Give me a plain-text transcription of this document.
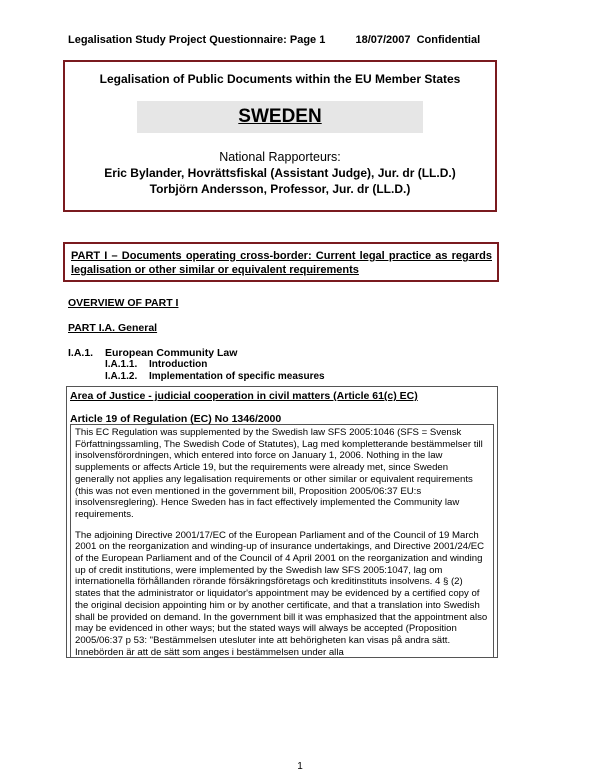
Legalisation Study Project Questionnaire: Page 1	18/07/2007 Confidential
Legalisation of Public Documents within the EU Member States
SWEDEN
National Rapporteurs:
Eric Bylander, Hovrättsfiskal (Assistant Judge), Jur. dr (LL.D.)
Torbjörn Andersson, Professor, Jur. dr (LL.D.)
PART I – Documents operating cross-border: Current legal practice as regards legalisation or other similar or equivalent requirements
OVERVIEW OF PART I
PART I.A. General
I.A.1. European Community Law
I.A.1.1. Introduction
I.A.1.2. Implementation of specific measures
Area of Justice - judicial cooperation in civil matters (Article 61(c) EC)
Article 19 of Regulation (EC) No 1346/2000

This EC Regulation was supplemented by the Swedish law SFS 2005:1046 (SFS = Svensk Författningssamling, The Swedish Code of Statutes), Lag med kompletterande bestämmelser till insolvensförordningen, which entered into force on January 1, 2006. Nothing in the law supplements or affects Article 19, but the requirements were already met, since Sweden generally not applies any legalisation requirements or other similar or equivalent requirements (this was not even mentioned in the government bill, Proposition 2005/06:37 EU:s insolvensreglering). Hence Sweden has in fact effectively implemented the Community law requirements.

The adjoining Directive 2001/17/EC of the European Parliament and of the Council of 19 March 2001 on the reorganization and winding-up of insurance undertakings, and Directive 2001/24/EC of the European Parliament and of the Council of 4 April 2001 on the reorganization and winding up of credit institutions, were implemented by the Swedish law SFS 2005:1047, lag om internationella förhållanden rörande försäkringsföretags och kreditinstituts insolvens. 4 § (2) states that the administrator or liquidator's appointment may be evidenced by a certified copy of the original decision appointing him or by another certificate, and that a translation into Swedish shall be provided on demand. In the government bill it was emphasized that the appointment also may be evidenced in other ways; but the stated ways will always be accepted (Proposition 2005/06:37 p 53: "Bestämmelsen utesluter inte att behörigheten kan visas på andra sätt. Innebörden är att de sätt som anges i bestämmelsen under alla

1
